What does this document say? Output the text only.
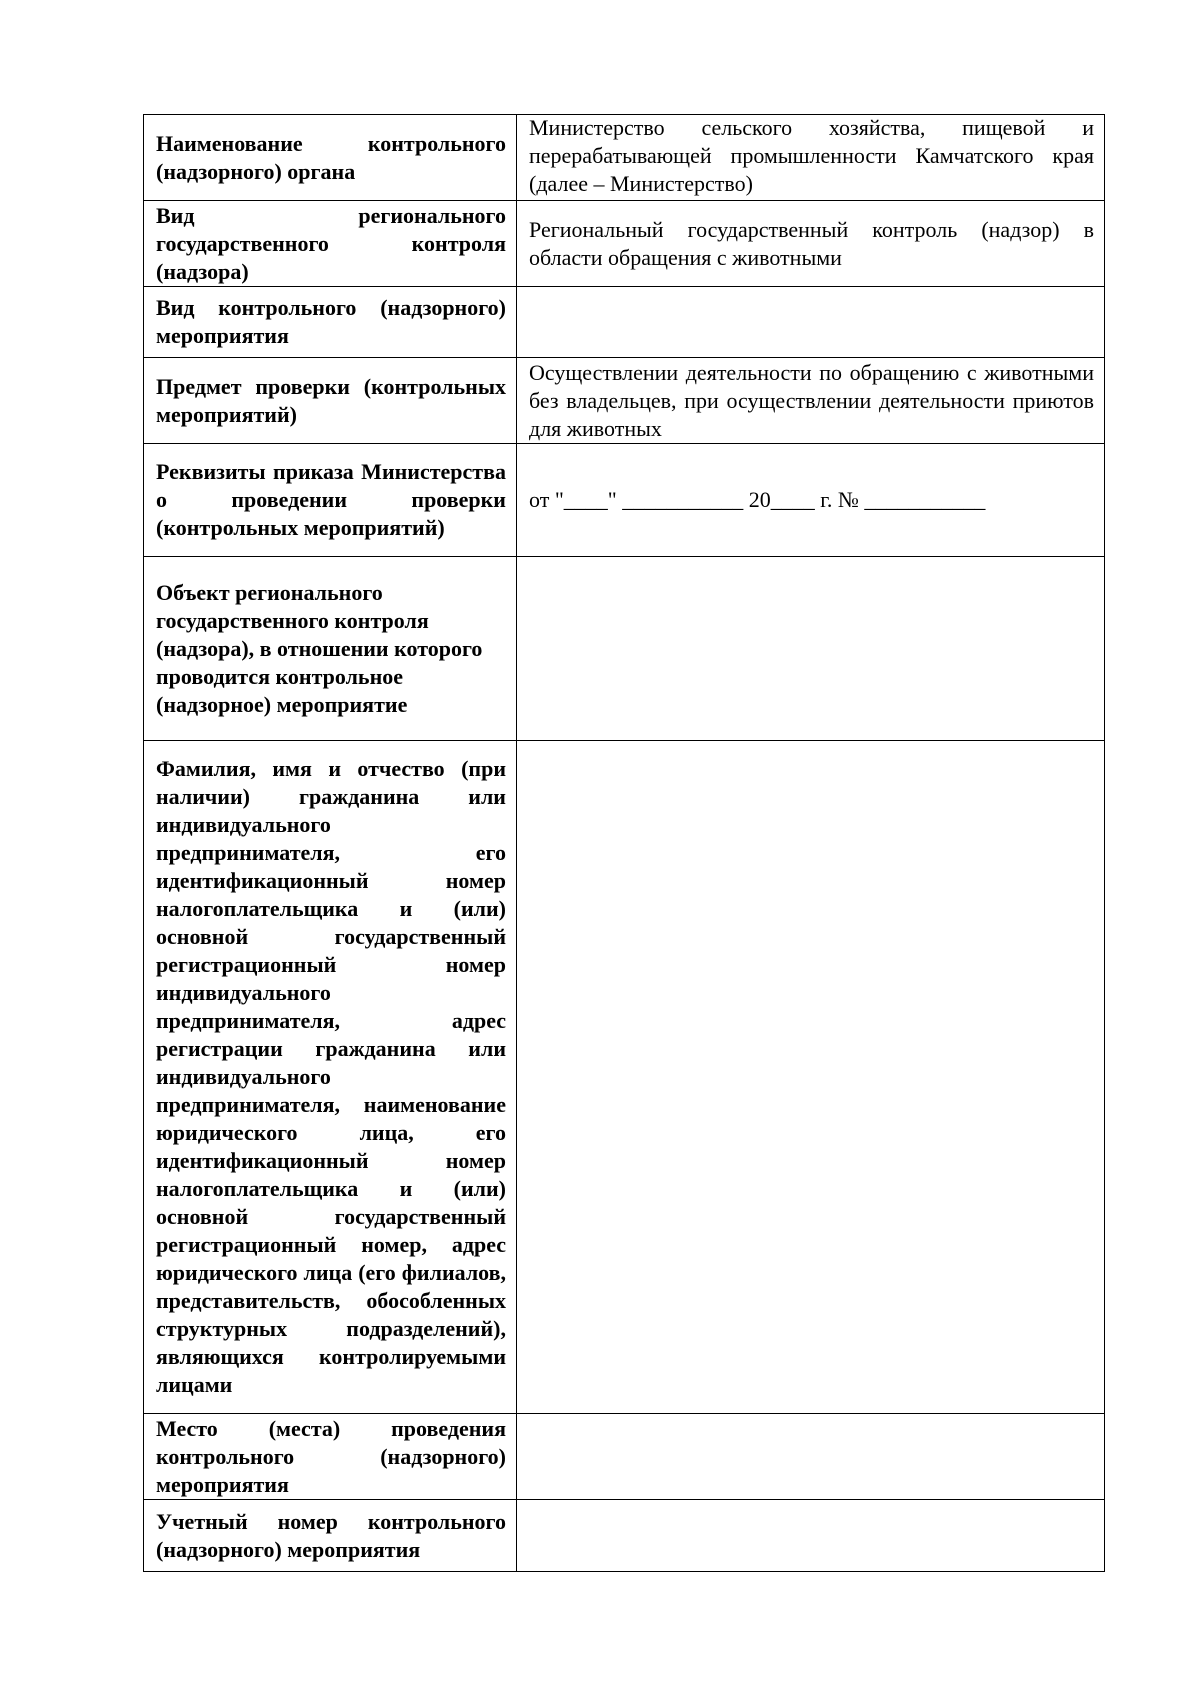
Наименование контрольного (надзорного) органа	Министерство сельского хозяйства, пищевой и перерабатывающей промышленности Камчатского края (далее – Министерство)

Вид регионального государственного контроля (надзора)	Региональный государственный контроль (надзор) в области обращения с животными

Вид контрольного (надзорного) мероприятия	

Предмет проверки (контрольных мероприятий)	Осуществлении деятельности по обращению с животными без владельцев, при осуществлении деятельности приютов для животных

Реквизиты приказа Министерства о проведении проверки (контрольных мероприятий)	от "____" ___________ 20____ г. № ___________

Объект регионального государственного контроля (надзора), в отношении которого проводится контрольное (надзорное) мероприятие	

Фамилия, имя и отчество (при наличии) гражданина или индивидуального предпринимателя, его идентификационный номер налогоплательщика и (или) основной государственный регистрационный номер индивидуального предпринимателя, адрес регистрации гражданина или индивидуального предпринимателя, наименование юридического лица, его идентификационный номер налогоплательщика и (или) основной государственный регистрационный номер, адрес юридического лица (его филиалов, представительств, обособленных структурных подразделений), являющихся контролируемыми лицами	

Место (места) проведения контрольного (надзорного) мероприятия	

Учетный номер контрольного (надзорного) мероприятия	
